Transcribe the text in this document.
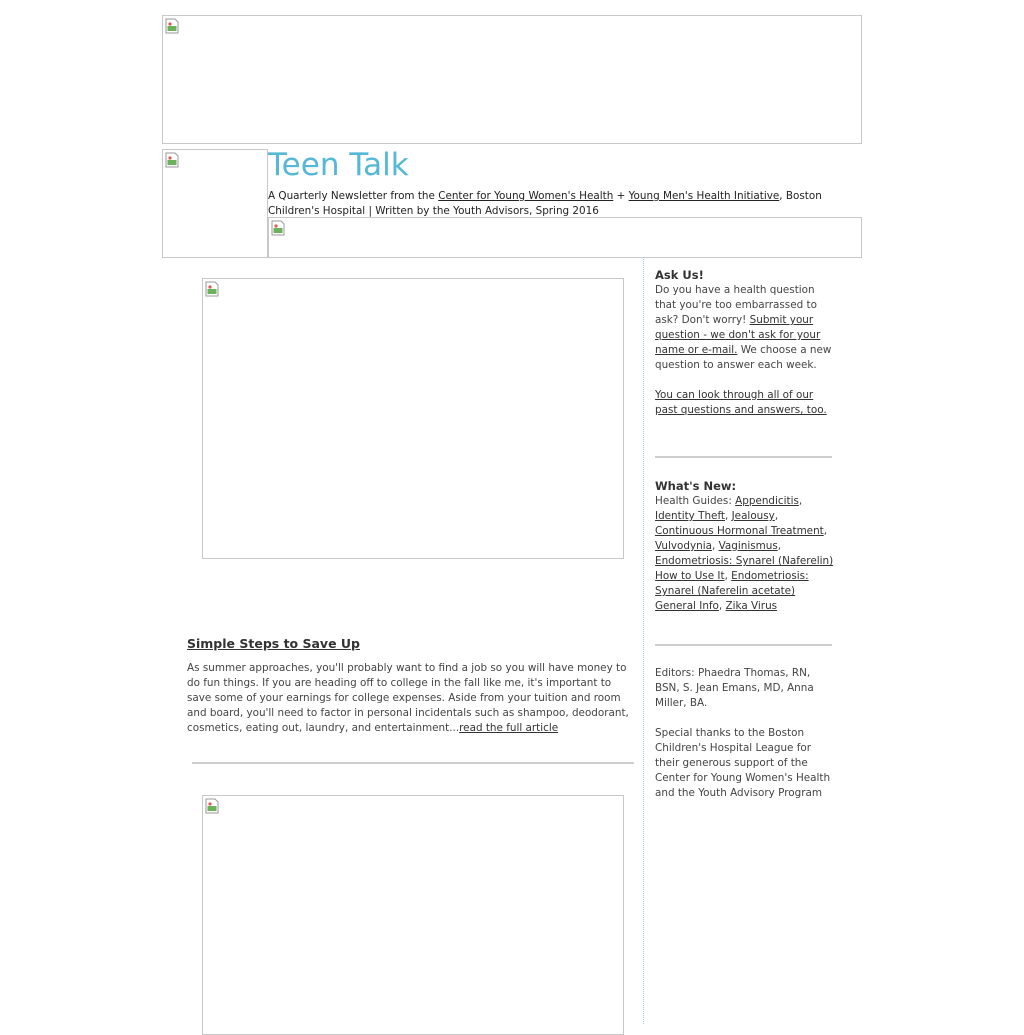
Teen Talk
A Quarterly Newsletter from the Center for Young Women's Health + Young Men's Health Initiative, Boston Children's Hospital | Written by the Youth Advisors, Spring 2016
Simple Steps to Save Up

As summer approaches, you'll probably want to find a job so you will have money to do fun things. If you are heading off to college in the fall like me, it's important to save some of your earnings for college expenses. Aside from your tuition and room and board, you'll need to factor in personal incidentals such as shampoo, deodorant, cosmetics, eating out, laundry, and entertainment...read the full article

Ask Us!

Do you have a health question that you're too embarrassed to ask? Don't worry! Submit your question - we don't ask for your name or e-mail. We choose a new question to answer each week.

You can look through all of our past questions and answers, too.

What's New:

Health Guides: Appendicitis, Identity Theft, Jealousy, Continuous Hormonal Treatment, Vulvodynia, Vaginismus, Endometriosis: Synarel (Naferelin) How to Use It, Endometriosis: Synarel (Naferelin acetate) General Info, Zika Virus

Editors: Phaedra Thomas, RN, BSN, S. Jean Emans, MD, Anna Miller, BA.

Special thanks to the Boston Children's Hospital League for their generous support of the Center for Young Women's Health and the Youth Advisory Program
